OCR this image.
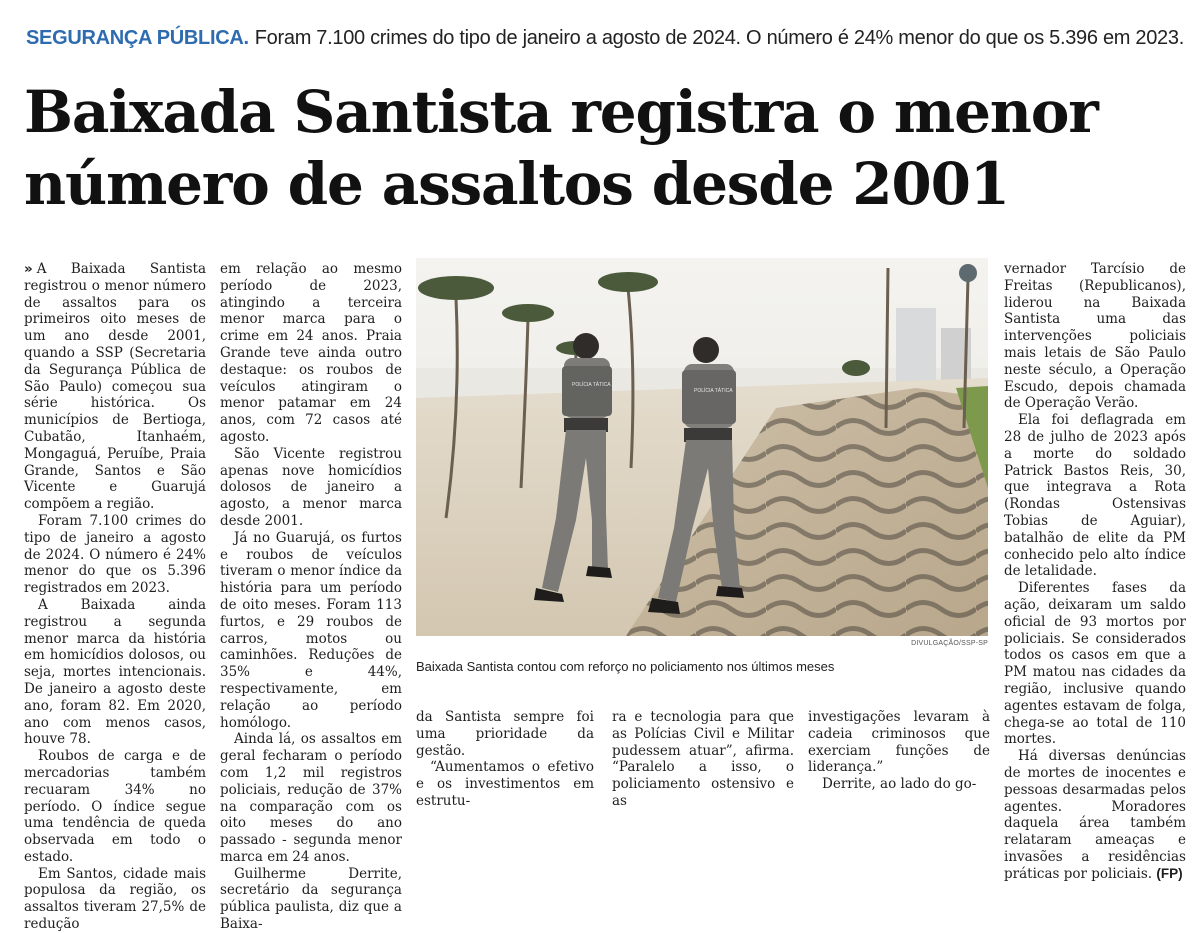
SEGURANÇA PÚBLICA. Foram 7.100 crimes do tipo de janeiro a agosto de 2024. O número é 24% menor do que os 5.396 em 2023.
Baixada Santista registra o menor
número de assaltos desde 2001

» A Baixada Santista registrou o menor número de assaltos para os primeiros oito meses de um ano desde 2001, quando a SSP (Secretaria da Segurança Pública de São Paulo) começou sua série histórica. Os municípios de Bertioga, Cubatão, Itanhaém, Mongaguá, Peruíbe, Praia Grande, Santos e São Vicente e Guarujá compõem a região.

Foram 7.100 crimes do tipo de janeiro a agosto de 2024. O número é 24% menor do que os 5.396 registrados em 2023.

A Baixada ainda registrou a segunda menor marca da história em homicídios dolosos, ou seja, mortes intencionais. De janeiro a agosto deste ano, foram 82. Em 2020, ano com menos casos, houve 78.

Roubos de carga e de mercadorias também recuaram 34% no período. O índice segue uma tendência de queda observada em todo o estado.

Em Santos, cidade mais populosa da região, os assaltos tiveram 27,5% de redução

em relação ao mesmo período de 2023, atingindo a terceira menor marca para o crime em 24 anos. Praia Grande teve ainda outro destaque: os roubos de veículos atingiram o menor patamar em 24 anos, com 72 casos até agosto.

São Vicente registrou apenas nove homicídios dolosos de janeiro a agosto, a menor marca desde 2001.

Já no Guarujá, os furtos e roubos de veículos tiveram o menor índice da história para um período de oito meses. Foram 113 furtos, e 29 roubos de carros, motos ou caminhões. Reduções de 35% e 44%, respectivamente, em relação ao período homólogo.

Ainda lá, os assaltos em geral fecharam o período com 1,2 mil registros policiais, redução de 37% na comparação com os oito meses do ano passado - segunda menor marca em 24 anos.

Guilherme Derrite, secretário da segurança pública paulista, diz que a Baixa-

POLÍCIA TÁTICA
POLÍCIA TÁTICA
DIVULGAÇÃO/SSP-SP
Baixada Santista contou com reforço no policiamento nos últimos meses

da Santista sempre foi uma prioridade da gestão.

“Aumentamos o efetivo e os investimentos em estrutu-

ra e tecnologia para que as Polícias Civil e Militar pudessem atuar”, afirma. “Paralelo a isso, o policiamento ostensivo e as

investigações levaram à cadeia criminosos que exerciam funções de liderança.”

Derrite, ao lado do go-

vernador Tarcísio de Freitas (Republicanos), liderou na Baixada Santista uma das intervenções policiais mais letais de São Paulo neste século, a Operação Escudo, depois chamada de Operação Verão.

Ela foi deflagrada em 28 de julho de 2023 após a morte do soldado Patrick Bastos Reis, 30, que integrava a Rota (Rondas Ostensivas Tobias de Aguiar), batalhão de elite da PM conhecido pelo alto índice de letalidade.

Diferentes fases da ação, deixaram um saldo oficial de 93 mortos por policiais. Se considerados todos os casos em que a PM matou nas cidades da região, inclusive quando agentes estavam de folga, chega-se ao total de 110 mortes.

Há diversas denúncias de mortes de inocentes e pessoas desarmadas pelos agentes. Moradores daquela área também relataram ameaças e invasões a residências práticas por policiais. (FP)
